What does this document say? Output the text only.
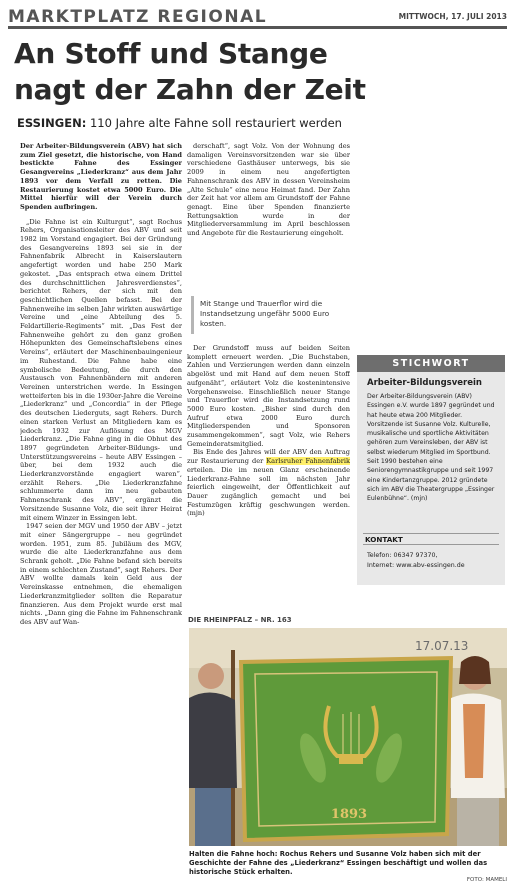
MARKTPLATZ REGIONAL	MITTWOCH, 17. JULI 2013
An Stoff und Stange
nagt der Zahn der Zeit
ESSINGEN: 110 Jahre alte Fahne soll restauriert werden

Der Arbeiter-Bildungsverein (ABV) hat sich zum Ziel gesetzt, die historische, von Hand bestickte Fahne des Essinger Gesangvereins „Liederkranz“ aus dem Jahr 1893 vor dem Verfall zu retten. Die Restaurierung kostet etwa 5000 Euro. Die Mittel hierfür will der Verein durch Spenden aufbringen.

„Die Fahne ist ein Kulturgut“, sagt Rochus Rehers, Organisationsleiter des ABV und seit 1982 im Vorstand engagiert. Bei der Gründung des Gesangvereins 1893 sei sie in der Fahnenfabrik Albrecht in Kaiserslautern angefertigt worden und habe 250 Mark gekostet. „Das entsprach etwa einem Drittel des durchschnittlichen Jahresverdienstes“, berichtet Rehers, der sich mit den geschichtlichen Quellen befasst. Bei der Fahnenweihe im selben Jahr wirkten auswärtige Vereine und „eine Abteilung des 5. Feldartillerie-Regiments“ mit. „Das Fest der Fahnenweihe gehört zu den ganz großen Höhepunkten des Gemeinschaftslebens eines Vereins“, erläutert der Maschinenbauingenieur im Ruhestand. Die Fahne habe eine symbolische Bedeutung, die durch den Austausch von Fahnenbändern mit anderen Vereinen unterstrichen werde. In Essingen wetteiferten bis in die 1930er-Jahre die Vereine „Liederkranz“ und „Concordia“ in der Pflege des deutschen Liederguts, sagt Rehers. Durch einen starken Verlust an Mitgliedern kam es jedoch 1932 zur Auflösung des MGV Liederkranz. „Die Fahne ging in die Obhut des 1897 gegründeten Arbeiter-Bildungs- und Unterstützungsvereins – heute ABV Essingen – über, bei dem 1932 auch die Liederkranzvorstände engagiert waren“, erzählt Rehers. „Die Liederkranzfahne schlummerte dann im neu gebauten Fahnenschrank des ABV“, ergänzt die Vorsitzende Susanne Volz, die seit ihrer Heirat mit einem Winzer in Essingen lebt.

1947 seien der MGV und 1950 der ABV – jetzt mit einer Sängergruppe – neu gegründet worden. 1951, zum 85. Jubiläum des MGV, wurde die alte Liederkranzfahne aus dem Schrank geholt. „Die Fahne befand sich bereits in einem schlechten Zustand“, sagt Rehers. Der ABV wollte damals kein Geld aus der Vereinskasse entnehmen, die ehemaligen Liederkranzmitglieder sollten die Reparatur finanzieren. Aus dem Projekt wurde erst mal nichts. „Dann ging die Fahne im Fahnenschrank des ABV auf Wan-

derschaft“, sagt Volz. Von der Wohnung des damaligen Vereinsvorsitzenden war sie über verschiedene Gasthäuser unterwegs, bis sie 2009 in einem neu angefertigten Fahnenschrank des ABV in dessen Vereinsheim „Alte Schule“ eine neue Heimat fand. Der Zahn der Zeit hat vor allem am Grundstoff der Fahne genagt. Eine über Spenden finanzierte Rettungsaktion wurde in der Mitgliederversammlung im April beschlossen und Angebote für die Restaurierung eingeholt.

Mit Stange und Trauerflor wird die Instandsetzung ungefähr 5000 Euro kosten.

Der Grundstoff muss auf beiden Seiten komplett erneuert werden. „Die Buchstaben, Zahlen und Verzierungen werden dann einzeln abgelöst und mit Hand auf dem neuen Stoff aufgenäht“, erläutert Volz die kostenintensive Vorgehensweise. Einschließlich neuer Stange und Trauerflor wird die Instandsetzung rund 5000 Euro kosten. „Bisher sind durch den Aufruf etwa 2000 Euro durch Mitgliederspenden und Sponsoren zusammengekommen“, sagt Volz, wie Rehers Gemeinderatsmitglied.

Bis Ende des Jahres will der ABV den Auftrag zur Restaurierung der Karlsruher Fahnenfabrik erteilen. Die im neuen Glanz erscheinende Liederkranz-Fahne soll im nächsten Jahr feierlich eingeweiht, der Öffentlichkeit auf Dauer zugänglich gemacht und bei Festumzügen kräftig geschwungen werden. (mjn)

STICHWORT
Arbeiter-Bildungsverein
Der Arbeiter-Bildungsverein (ABV) Essingen e.V. wurde 1897 gegründet und hat heute etwa 200 Mitglieder. Vorsitzende ist Susanne Volz. Kulturelle, musikalische und sportliche Aktivitäten gehören zum Vereinsleben, der ABV ist selbst wiederum Mitglied im Sportbund. Seit 1990 bestehen eine Seniorengymnastikgruppe und seit 1997 eine Kindertanzgruppe. 2012 gründete sich im ABV die Theatergruppe „Essinger Eulenbühne“. (mjn)
KONTAKT
Telefon: 06347 97370,
Internet: www.abv-essingen.de
DIE RHEINPFALZ – NR. 163
17.07.13
1893
Halten die Fahne hoch: Rochus Rehers und Susanne Volz haben sich mit der Geschichte der Fahne des „Liederkranz“ Essingen beschäftigt und wollen das historische Stück erhalten.
FOTO: MAMELI
